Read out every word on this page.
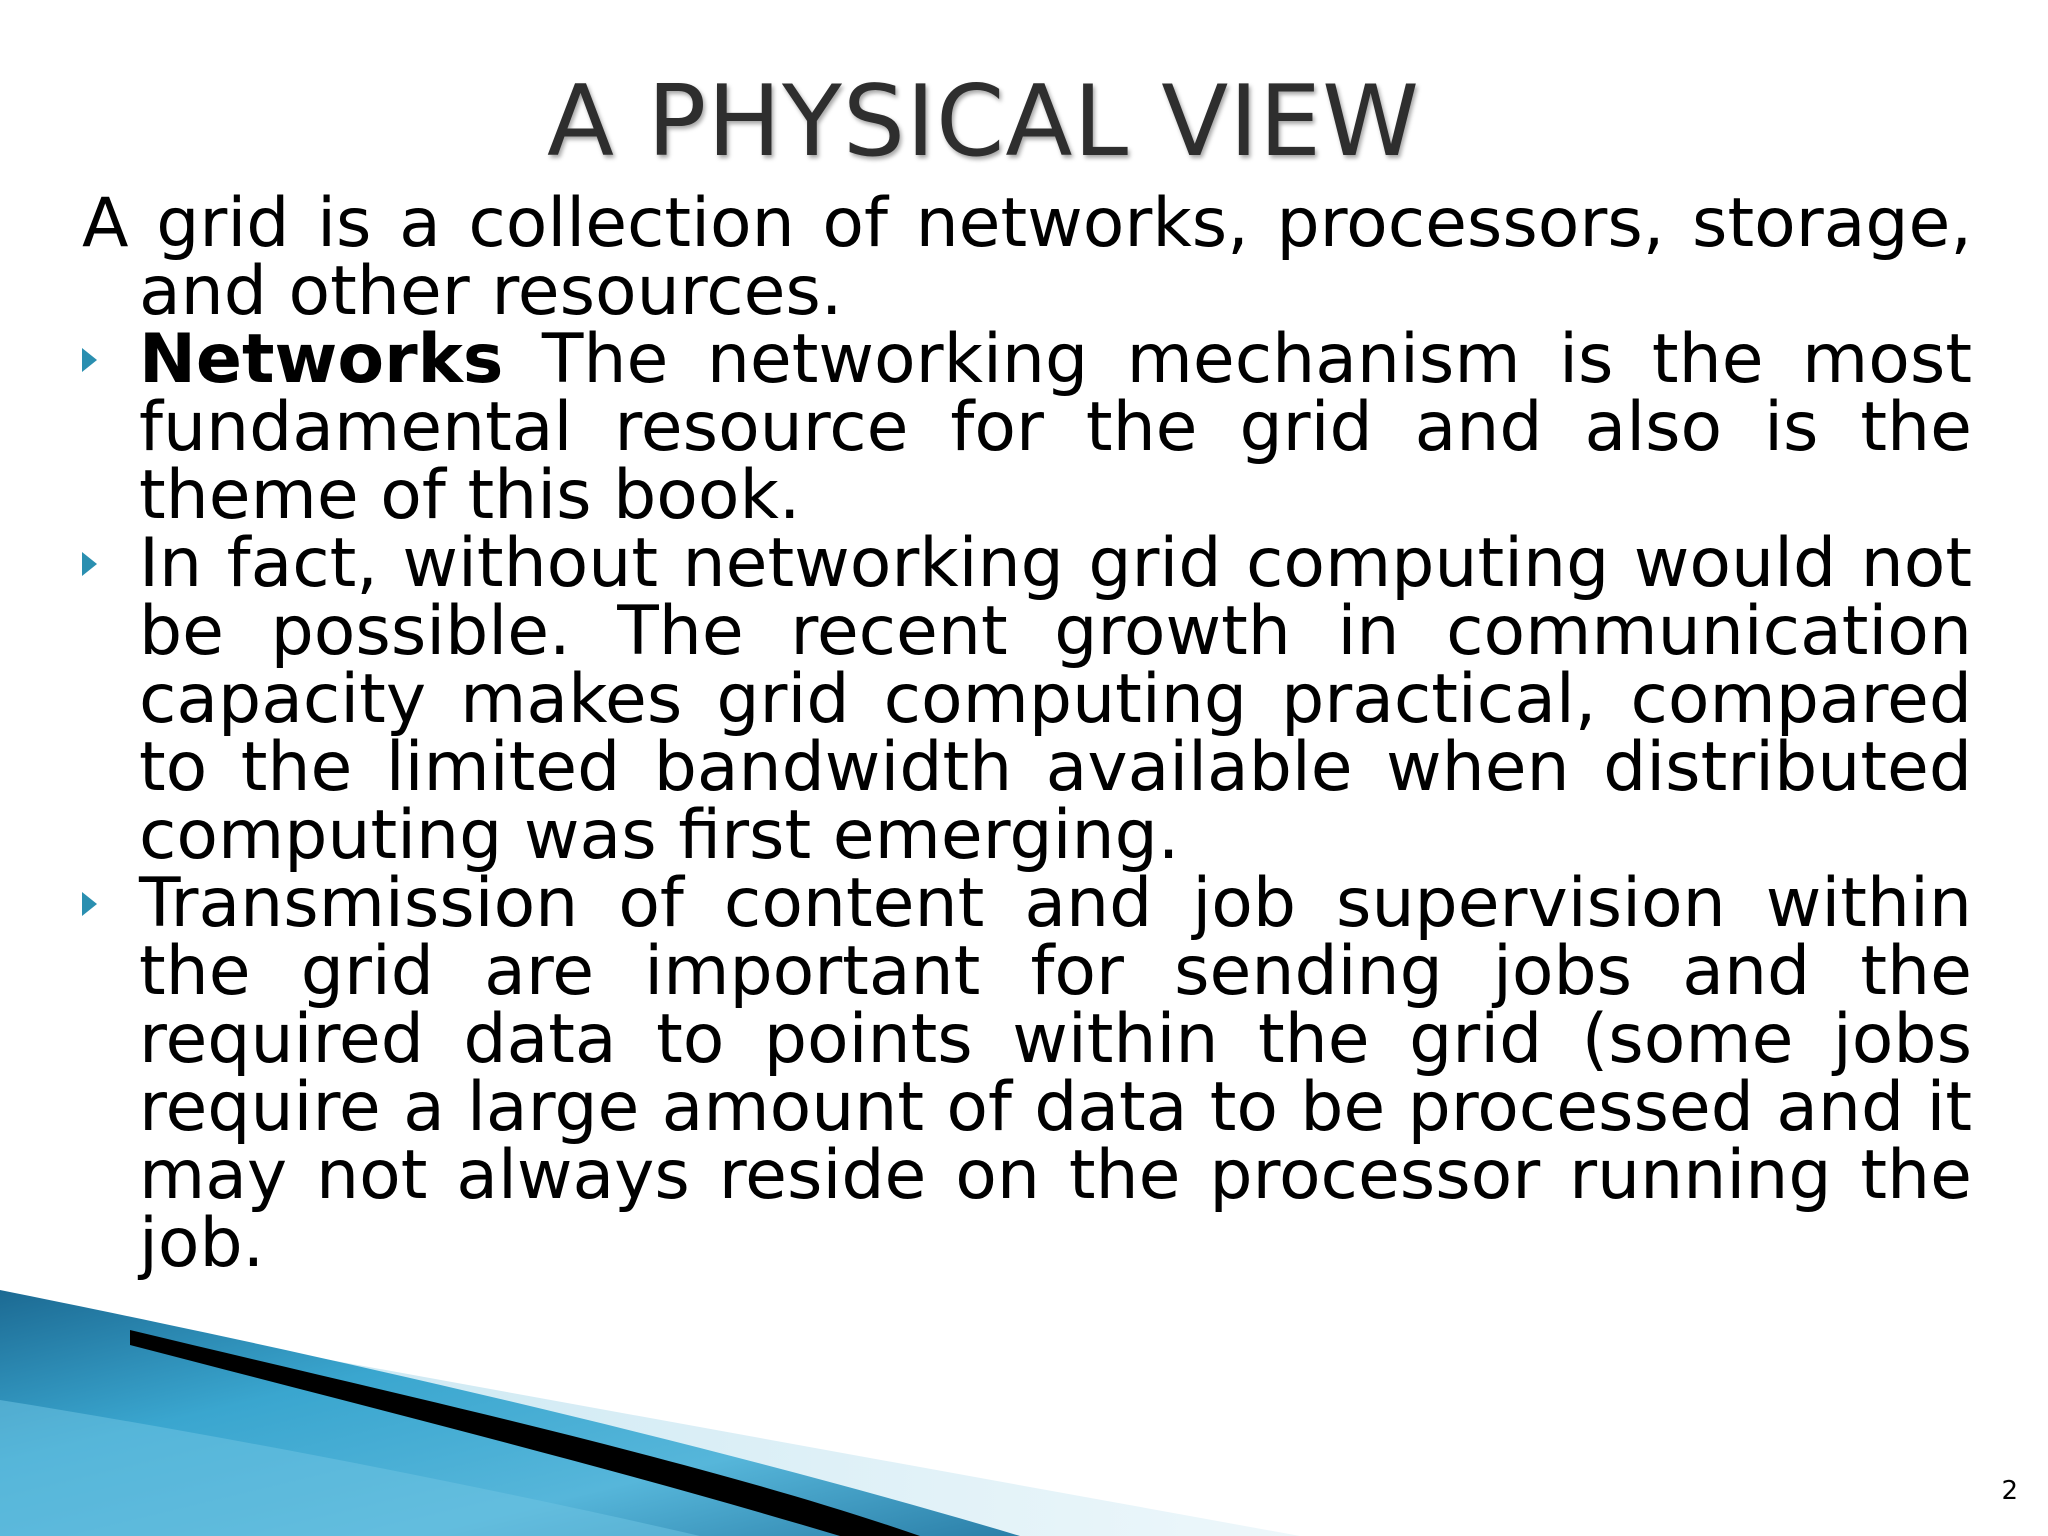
A PHYSICAL VIEW
A grid is a collection of networks, processors, storage, and other resources.
Networks The networking mechanism is the most fundamental resource for the grid and also is the theme of this book.
In fact, without networking grid computing would not be possible. The recent growth in communication capacity makes grid computing practical, compared to the limited bandwidth available when distributed computing was first emerging.
Transmission of content and job supervision within the grid are important for sending jobs and the required data to points within the grid (some jobs require a large amount of data to be processed and it may not always reside on the processor running the job.
2
